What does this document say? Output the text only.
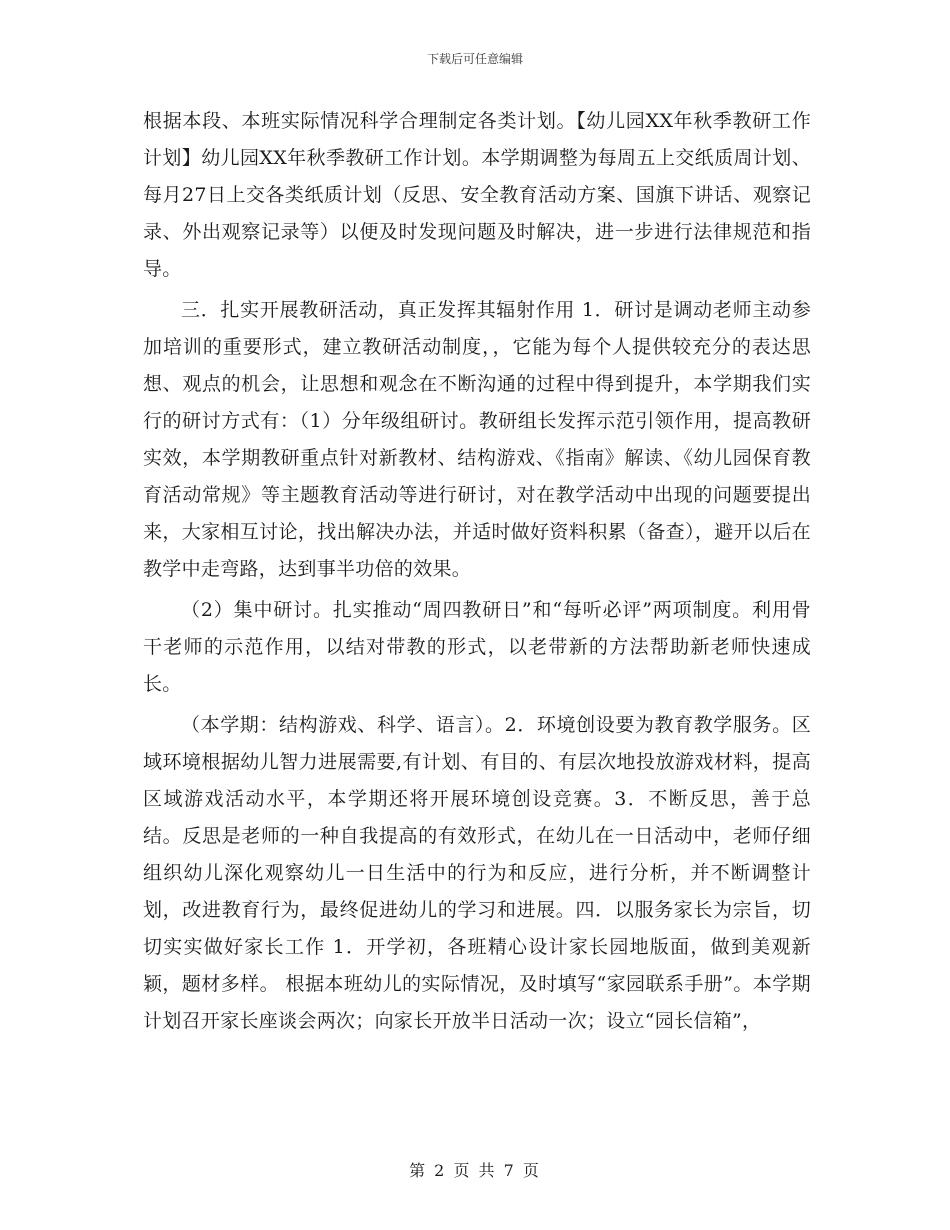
下载后可任意编辑

根据本段、本班实际情况科学合理制定各类计划。【幼儿园XX年秋季教研工作计划】幼儿园XX年秋季教研工作计划。本学期调整为每周五上交纸质周计划、每月27日上交各类纸质计划（反思、安全教育活动方案、国旗下讲话、观察记录、外出观察记录等）以便及时发现问题及时解决，进一步进行法律规范和指导。

三．扎实开展教研活动，真正发挥其辐射作用 1．研讨是调动老师主动参加培训的重要形式，建立教研活动制度，，它能为每个人提供较充分的表达思想、观点的机会，让思想和观念在不断沟通的过程中得到提升，本学期我们实行的研讨方式有：（1）分年级组研讨。教研组长发挥示范引领作用，提高教研实效，本学期教研重点针对新教材、结构游戏、《指南》解读、《幼儿园保育教育活动常规》等主题教育活动等进行研讨，对在教学活动中出现的问题要提出来，大家相互讨论，找出解决办法，并适时做好资料积累（备查），避开以后在教学中走弯路，达到事半功倍的效果。

（2）集中研讨。扎实推动“周四教研日”和“每听必评”两项制度。利用骨干老师的示范作用，以结对带教的形式，以老带新的方法帮助新老师快速成长。

（本学期：结构游戏、科学、语言）。2．环境创设要为教育教学服务。区域环境根据幼儿智力进展需要,有计划、有目的、有层次地投放游戏材料，提高区域游戏活动水平，本学期还将开展环境创设竞赛。3．不断反思，善于总结。反思是老师的一种自我提高的有效形式，在幼儿在一日活动中，老师仔细组织幼儿深化观察幼儿一日生活中的行为和反应，进行分析，并不断调整计划，改进教育行为，最终促进幼儿的学习和进展。四．以服务家长为宗旨，切切实实做好家长工作 1．开学初，各班精心设计家长园地版面，做到美观新颖，题材多样。 根据本班幼儿的实际情况，及时填写“家园联系手册”。本学期计划召开家长座谈会两次；向家长开放半日活动一次；设立“园长信箱”，

第 2 页 共 7 页
